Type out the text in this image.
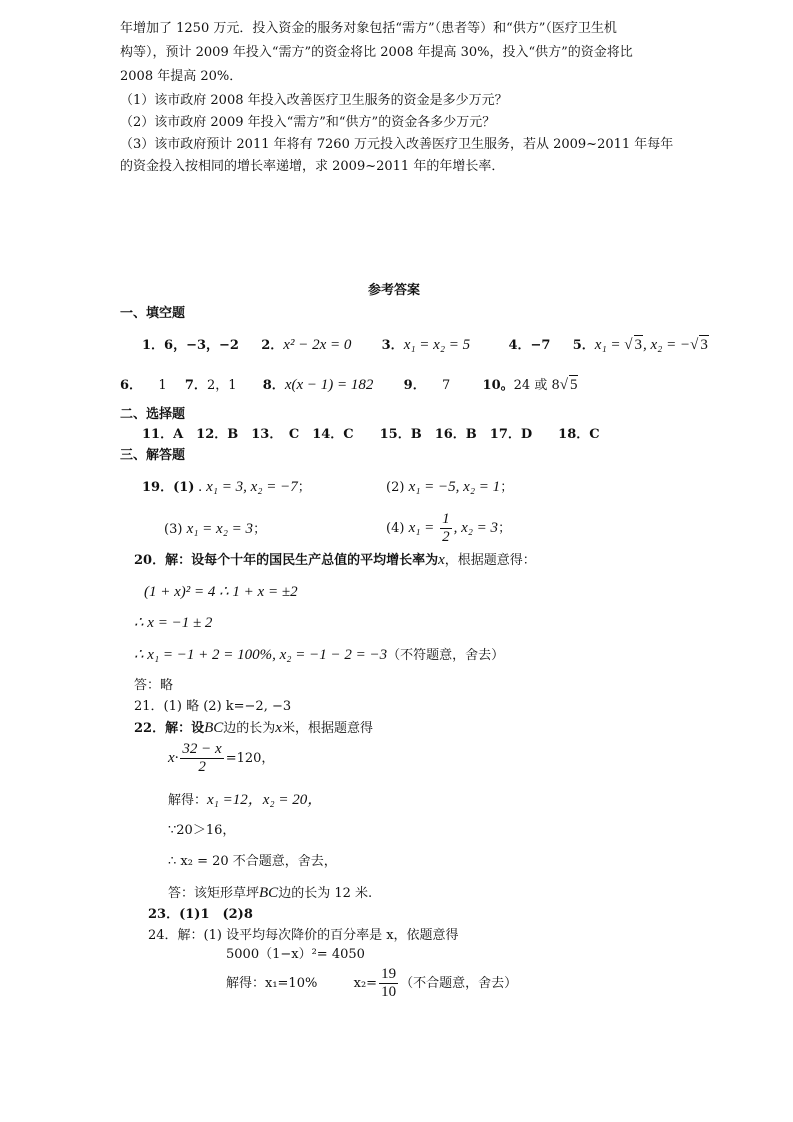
年增加了 1250 万元．投入资金的服务对象包括“需方”（患者等）和“供方”（医疗卫生机
构等），预计 2009 年投入“需方”的资金将比 2008 年提高 30%，投入“供方”的资金将比
2008 年提高 20%．
（1）该市政府 2008 年投入改善医疗卫生服务的资金是多少万元？
（2）该市政府 2009 年投入“需方”和“供方”的资金各多少万元？
（3）该市政府预计 2011 年将有 7260 万元投入改善医疗卫生服务，若从 2009~2011 年每年
的资金投入按相同的增长率递增，求 2009~2011 年的年增长率．
参考答案
一、填空题
1．6，−3，−2 2．x² − 2x = 0 3．x₁ = x₂ = 5	4．−7 5．x₁ = √ 3, x₂ = −√ 3
6． 1 7．2，1 8．x(x − 1) = 182 9． 7 10。24 或 8√ 5
二、选择题
11．A　12．B　13．　C　14．C　　15．B　16．B　17．D　　18．C
三、解答题
19．(1) . x₁ = 3, x₂ = −7；	(2) x₁ = −5, x₂ = 1；
(3) x₁ = x₂ = 3；	(4) $x_1 = \frac{1}{2}$ , x₂ = 3；
20．解：设每个十年的国民生产总值的平均增长率为x，根据题意得：
(1 + x)² = 4 ∴ 1 + x = ±2
∴ x = −1 ± 2
∴ x₁ = −1 + 2 = 100%, x₂ = −1 − 2 = −3（不符题意，舍去）
答：略
21．(1) 略 (2) k=−2, −3
22．解：设BC边的长为x米，根据题意得
$x\cdot \frac{32 - x}{2} =120$，
解得：x₁ =12，x₂ = 20，
∵20＞16，
∴ x₂ = 20 不合题意，舍去，
答：该矩形草坪BC边的长为 12 米.
23．(1)1　(2)8
24．解：(1) 设平均每次降价的百分率是 x，依题意得
5000（1−x）²= 4050
解得：x₁=10%	$x_2= \frac{19}{10}$ （不合题意，舍去）
